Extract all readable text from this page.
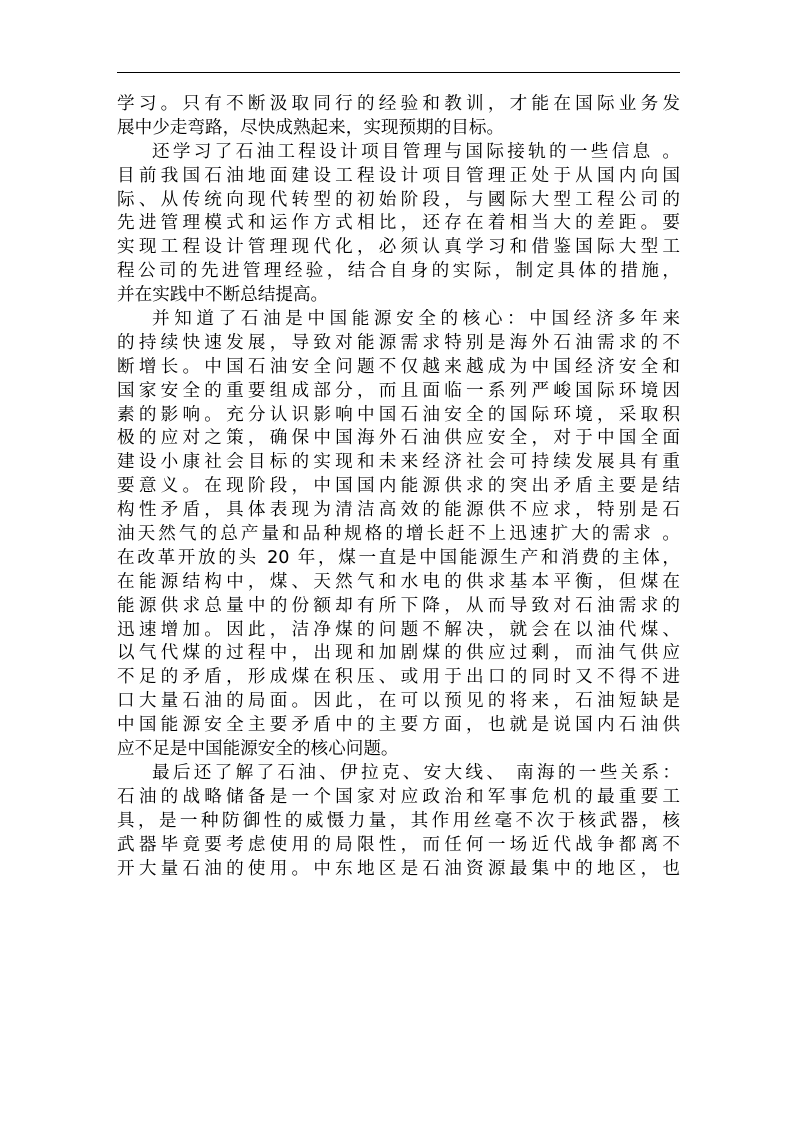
学习。只有不断汲取同行的经验和教训，才能在国际业务发
展中少走弯路，尽快成熟起来，实现预期的目标。
还学习了石油工程设计项目管理与国际接轨的一些信息 。
目前我国石油地面建设工程设计项目管理正处于从国内向国
际、从传统向现代转型的初始阶段，与國际大型工程公司的
先进管理模式和运作方式相比，还存在着相当大的差距。要
实现工程设计管理现代化，必须认真学习和借鉴国际大型工
程公司的先进管理经验，结合自身的实际，制定具体的措施，
并在实践中不断总结提高。
并知道了石油是中国能源安全的核心：中国经济多年来
的持续快速发展，导致对能源需求特别是海外石油需求的不
断增长。中国石油安全问题不仅越来越成为中国经济安全和
国家安全的重要组成部分，而且面临一系列严峻国际环境因
素的影响。充分认识影响中国石油安全的国际环境，采取积
极的应对之策，确保中国海外石油供应安全，对于中国全面
建设小康社会目标的实现和未来经济社会可持续发展具有重
要意义。在现阶段，中国国内能源供求的突出矛盾主要是结
构性矛盾，具体表现为清洁高效的能源供不应求，特别是石
油天然气的总产量和品种规格的增长赶不上迅速扩大的需求 。
在改革开放的头 20 年，煤一直是中国能源生产和消费的主体，
在能源结构中，煤、天然气和水电的供求基本平衡，但煤在
能源供求总量中的份额却有所下降，从而导致对石油需求的
迅速增加。因此，洁净煤的问题不解决，就会在以油代煤、
以气代煤的过程中，出现和加剧煤的供应过剩，而油气供应
不足的矛盾，形成煤在积压、或用于出口的同时又不得不进
口大量石油的局面。因此，在可以预见的将来，石油短缺是
中国能源安全主要矛盾中的主要方面，也就是说国内石油供
应不足是中国能源安全的核心问题。
最后还了解了石油、伊拉克、安大线、 南海的一些关系：
石油的战略储备是一个国家对应政治和军事危机的最重要工
具，是一种防御性的威慑力量，其作用丝毫不次于核武器，核
武器毕竟要考虑使用的局限性，而任何一场近代战争都离不
开大量石油的使用。中东地区是石油资源最集中的地区，也
